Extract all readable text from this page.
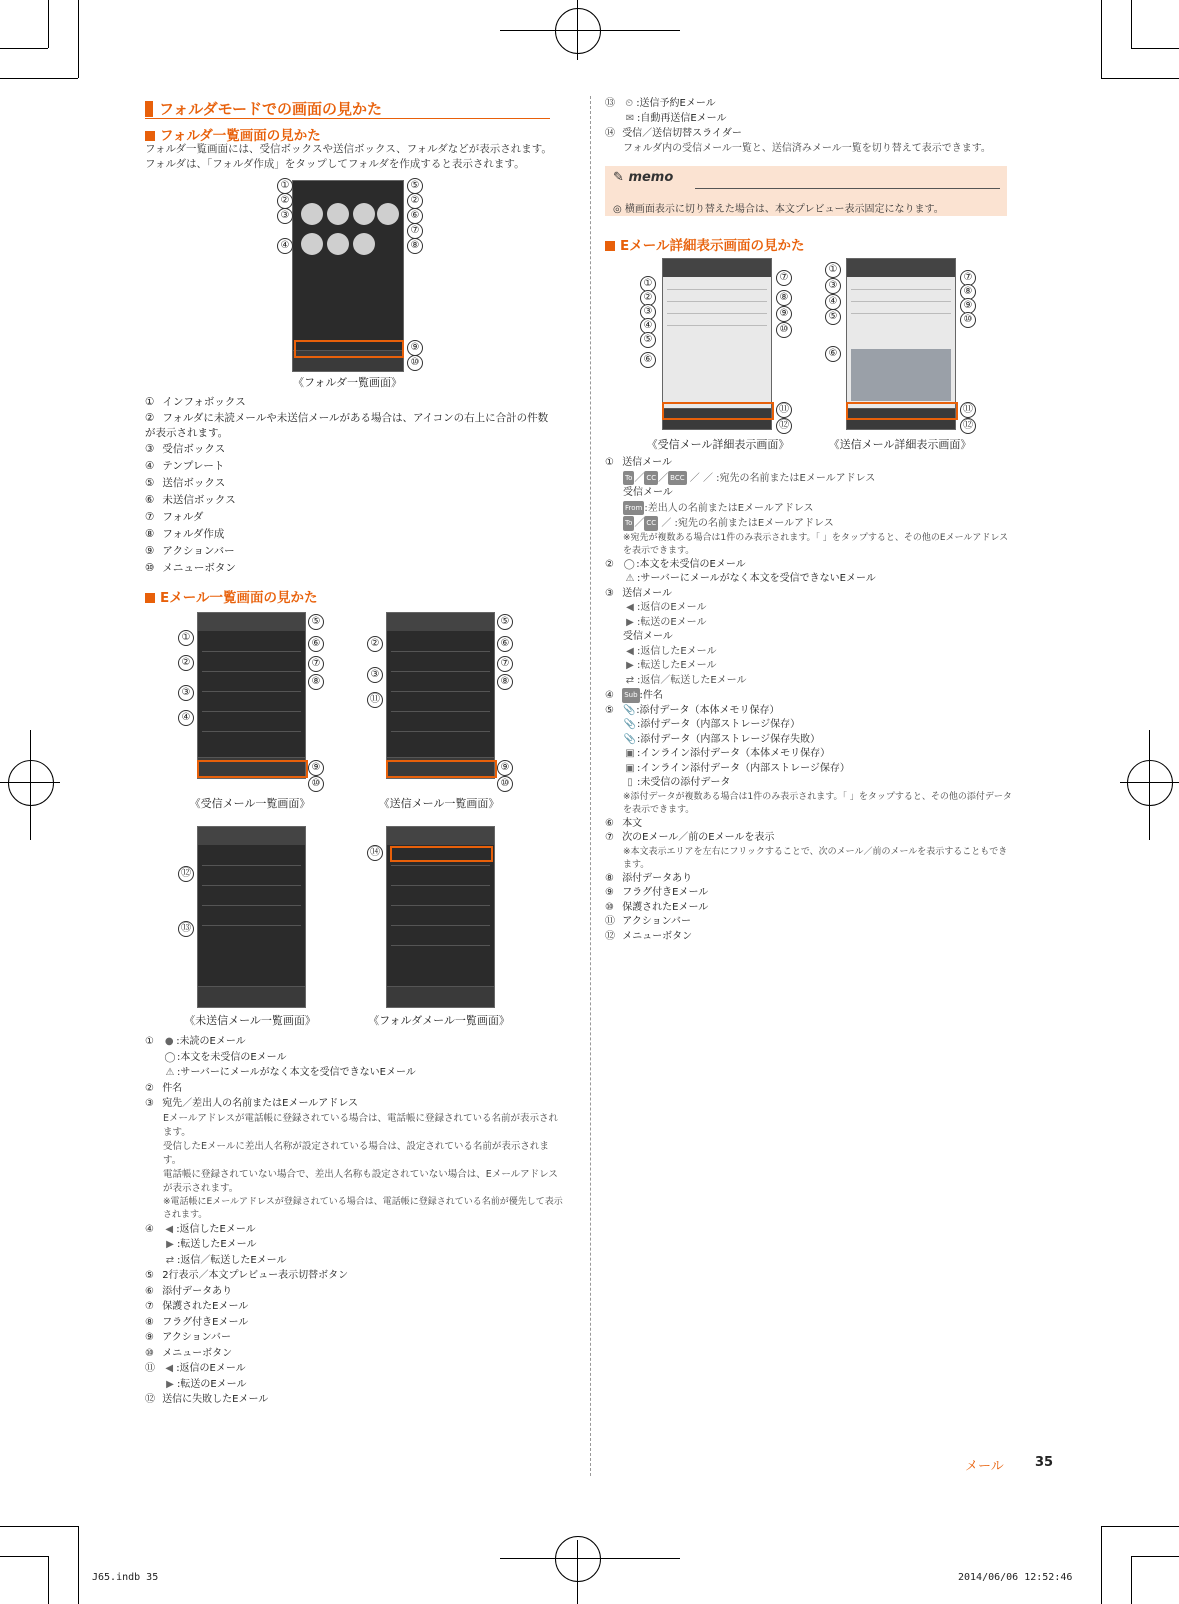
フォルダモードでの画面の見かた
フォルダ一覧画面の見かた
フォルダ一覧画面には、受信ボックスや送信ボックス、フォルダなどが表示されます。
フォルダは、「フォルダ作成」をタップしてフォルダを作成すると表示されます。
①
②
③
④
⑤
②
⑥
⑦
⑧
⑨
⑩
《フォルダ一覧画面》
① インフォボックス
② フォルダに未読メールや未送信メールがある場合は、アイコンの右上に合計の件数が表示されます。
③ 受信ボックス
④ テンプレート
⑤ 送信ボックス
⑥ 未送信ボックス
⑦ フォルダ
⑧ フォルダ作成
⑨ アクションバー
⑩ メニューボタン
Eメール一覧画面の見かた
①
②
③
④
⑤
⑥
⑦
⑧
⑨
⑩
《受信メール一覧画面》
②
③
⑪
⑤
⑥
⑦
⑧
⑨
⑩
《送信メール一覧画面》
⑫
⑬
《未送信メール一覧画面》
⑭
《フォルダメール一覧画面》
① ● :未読のEメール
◯:本文を未受信のEメール
⚠ :サーバーにメールがなく本文を受信できないEメール
② 件名
③ 宛先／差出人の名前またはEメールアドレス
Eメールアドレスが電話帳に登録されている場合は、電話帳に登録されている名前が表示されます。
受信したEメールに差出人名称が設定されている場合は、設定されている名前が表示されます。
電話帳に登録されていない場合で、差出人名称も設定されていない場合は、Eメールアドレスが表示されます。
※電話帳にEメールアドレスが登録されている場合は、電話帳に登録されている名前が優先して表示されます。
④ ◀ :返信したEメール
▶ :転送したEメール
⇄ :返信／転送したEメール
⑤ 2行表示／本文プレビュー表示切替ボタン
⑥ 添付データあり
⑦ 保護されたEメール
⑧ フラグ付きEメール
⑨ アクションバー
⑩ メニューボタン
⑪ ◀ :返信のEメール
▶ :転送のEメール
⑫ 送信に失敗したEメール
⑬ ⏲ :送信予約Eメール
✉ :自動再送信Eメール
⑭ 受信／送信切替スライダー
フォルダ内の受信メール一覧と、送信済みメール一覧を切り替えて表示できます。
✎ memo
◎ 横画面表示に切り替えた場合は、本文プレビュー表示固定になります。
Eメール詳細表示画面の見かた
①
②
③
④
⑤
⑥
⑦
⑧
⑨
⑩
⑪
⑫
《受信メール詳細表示画面》
①
③
④
⑤
⑥
⑦
⑧
⑨
⑩
⑪
⑫
《送信メール詳細表示画面》
① 送信メール
To ／ CC ／ BCC ／ ／ :宛先の名前またはEメールアドレス
受信メール
From :差出人の名前またはEメールアドレス
To ／ CC ／ :宛先の名前またはEメールアドレス
※宛先が複数ある場合は1件のみ表示されます。「 」をタップすると、その他のEメールアドレスを表示できます。
② ◯:本文を未受信のEメール
⚠ :サーバーにメールがなく本文を受信できないEメール
③ 送信メール
◀ :返信のEメール
▶ :転送のEメール
受信メール
◀ :返信したEメール
▶ :転送したEメール
⇄ :返信／転送したEメール
④ Sub :件名
⑤ 📎:添付データ（本体メモリ保存）
📎:添付データ（内部ストレージ保存）
📎:添付データ（内部ストレージ保存失敗）
▣ :インライン添付データ（本体メモリ保存）
▣ :インライン添付データ（内部ストレージ保存）
▯ :未受信の添付データ
※添付データが複数ある場合は1件のみ表示されます。「 」をタップすると、その他の添付データを表示できます。
⑥ 本文
⑦ 次のEメール／前のEメールを表示
※本文表示エリアを左右にフリックすることで、次のメール／前のメールを表示することもできます。
⑧ 添付データあり
⑨ フラグ付きEメール
⑩ 保護されたEメール
⑪ アクションバー
⑫ メニューボタン
メール 35
J65.indb 35	2014/06/06 12:52:46
